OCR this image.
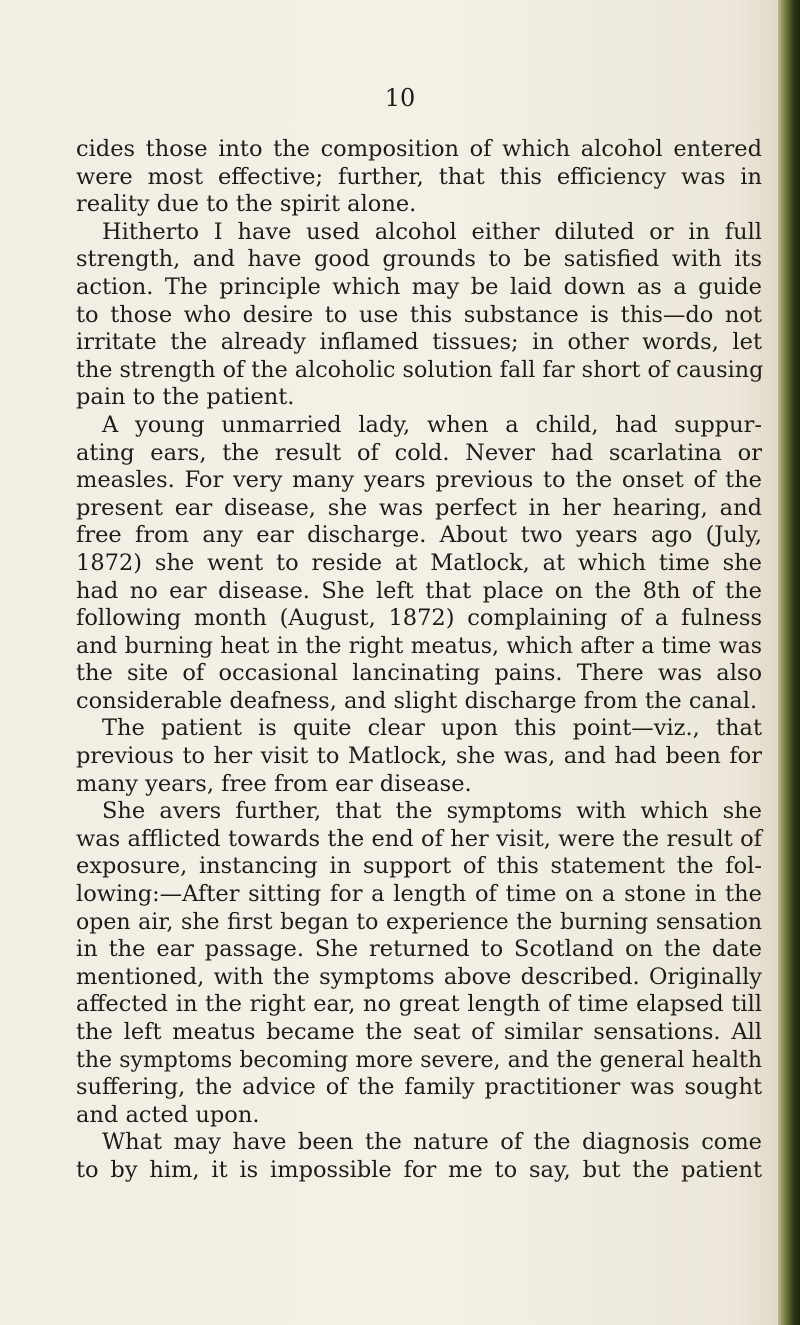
10
cides those into the composition of which alcohol entered
were most effective; further, that this efficiency was in
reality due to the spirit alone.
Hitherto I have used alcohol either diluted or in full
strength, and have good grounds to be satisfied with its
action. The principle which may be laid down as a guide
to those who desire to use this substance is this—do not
irritate the already inflamed tissues; in other words, let
the strength of the alcoholic solution fall far short of causing
pain to the patient.
A young unmarried lady, when a child, had suppur-
ating ears, the result of cold. Never had scarlatina or
measles. For very many years previous to the onset of the
present ear disease, she was perfect in her hearing, and
free from any ear discharge. About two years ago (July,
1872) she went to reside at Matlock, at which time she
had no ear disease. She left that place on the 8th of the
following month (August, 1872) complaining of a fulness
and burning heat in the right meatus, which after a time was
the site of occasional lancinating pains. There was also
considerable deafness, and slight discharge from the canal.
The patient is quite clear upon this point—viz., that
previous to her visit to Matlock, she was, and had been for
many years, free from ear disease.
She avers further, that the symptoms with which she
was afflicted towards the end of her visit, were the result of
exposure, instancing in support of this statement the fol-
lowing:—After sitting for a length of time on a stone in the
open air, she first began to experience the burning sensation
in the ear passage. She returned to Scotland on the date
mentioned, with the symptoms above described. Originally
affected in the right ear, no great length of time elapsed till
the left meatus became the seat of similar sensations. All
the symptoms becoming more severe, and the general health
suffering, the advice of the family practitioner was sought
and acted upon.
What may have been the nature of the diagnosis come
to by him, it is impossible for me to say, but the patient
